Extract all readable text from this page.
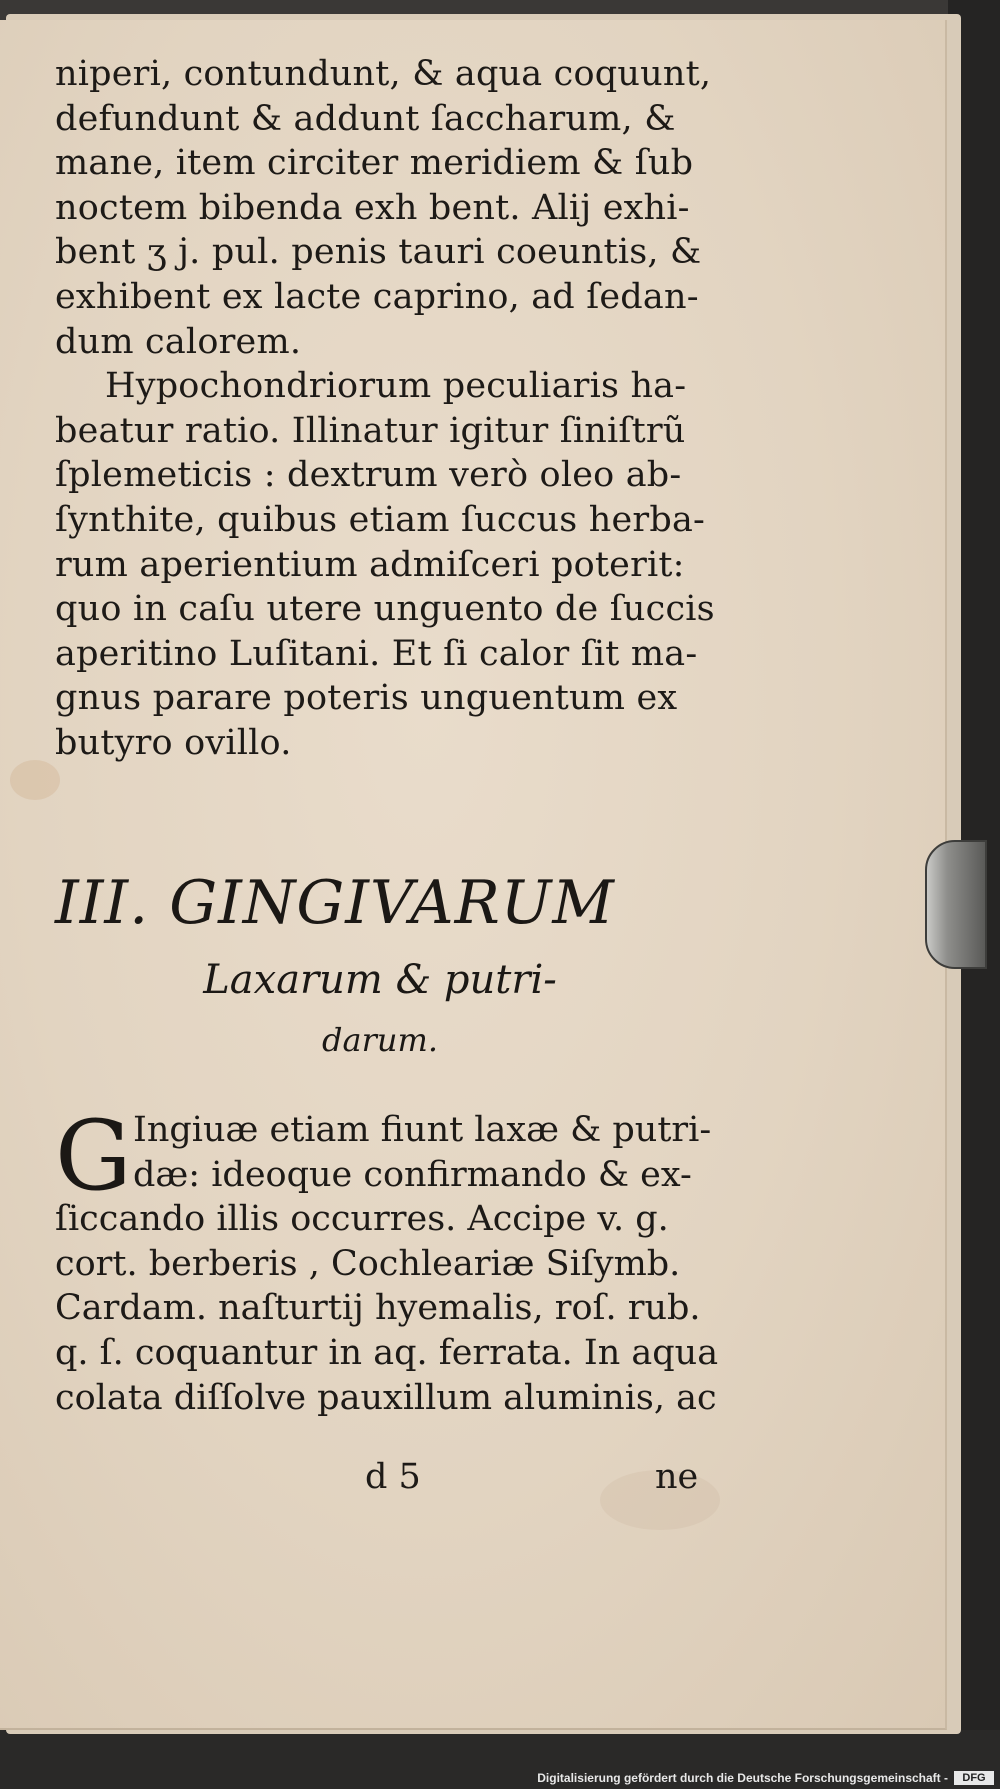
niperi, contundunt, & aqua coquunt,
defundunt & addunt ſaccharum, &
mane, item circiter meridiem & ſub
noctem bibenda exh bent. Alij exhi-
bent ʒ j. pul. penis tauri coeuntis, &
exhibent ex lacte caprino, ad ſedan-
dum calorem.
Hypochondriorum peculiaris ha-
beatur ratio. Illinatur igitur ſiniſtrũ
ſplemeticis : dextrum verò oleo ab-
ſynthite, quibus etiam ſuccus herba-
rum aperientium admiſceri poterit:
quo in caſu utere unguento de ſuccis
aperitino Luſitani. Et ſi calor ſit ma-
gnus parare poteris unguentum ex
butyro ovillo.
III. GINGIVARUM
Laxarum & putri-
darum.
G Ingiuæ etiam fiunt laxæ & putri-
dæ: ideoque confirmando & ex-
ſiccando illis occurres. Accipe v. g.
cort. berberis , Cochleariæ Siſymb.
Cardam. naſturtij hyemalis, roſ. rub.
q. ſ. coquantur in aq. ferrata. In aqua
colata diſſolve pauxillum aluminis, ac
d 5	ne
Digitalisierung gefördert durch die Deutsche Forschungsgemeinschaft -	DFG
